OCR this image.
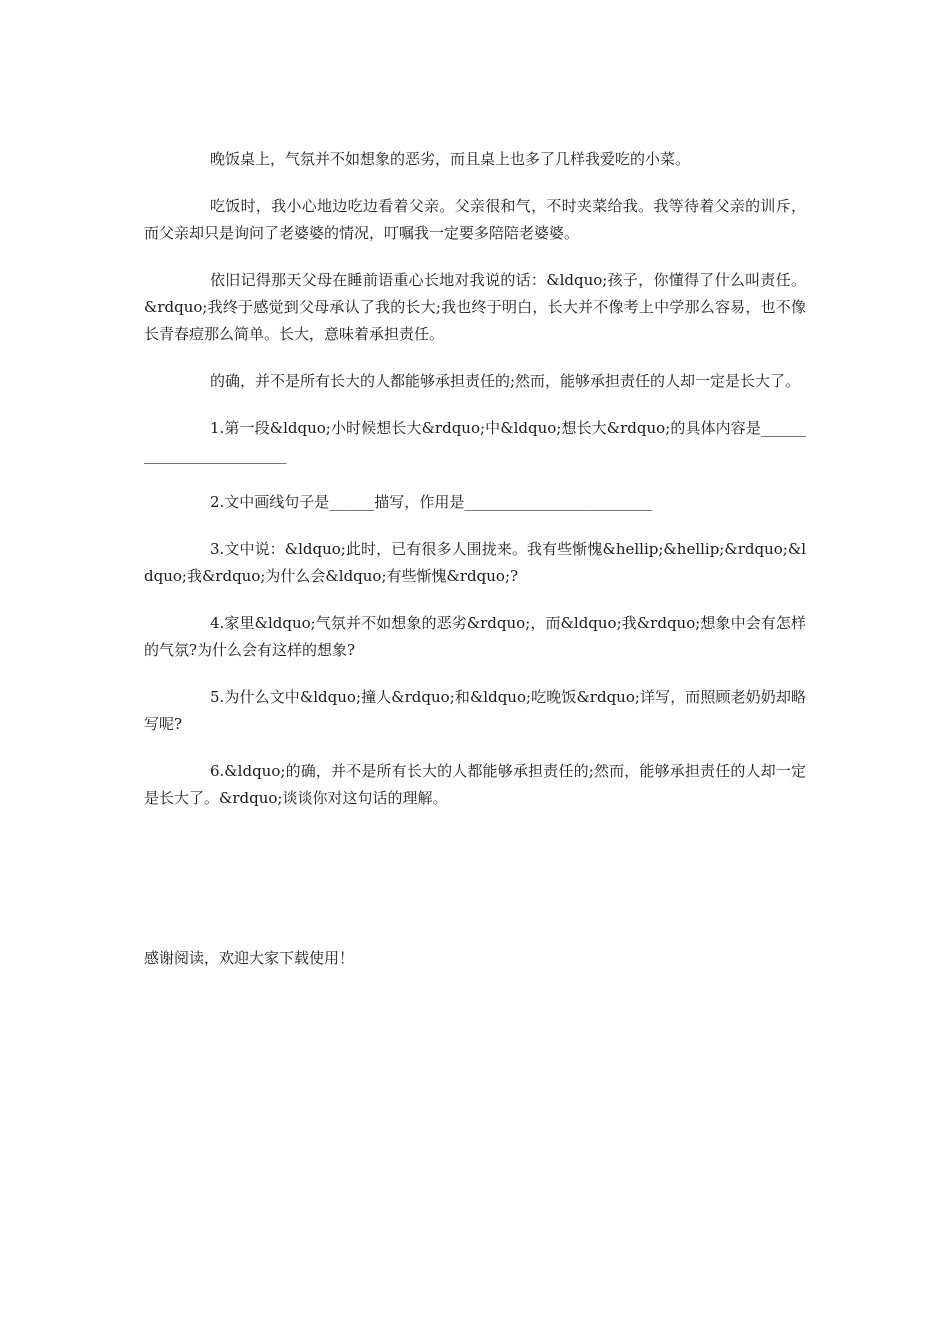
晚饭桌上，气氛并不如想象的恶劣，而且桌上也多了几样我爱吃的小菜。

吃饭时，我小心地边吃边看着父亲。父亲很和气，不时夹菜给我。我等待着父亲的训斥，而父亲却只是询问了老婆婆的情况，叮嘱我一定要多陪陪老婆婆。

依旧记得那天父母在睡前语重心长地对我说的话：&ldquo;孩子，你懂得了什么叫责任。&rdquo;我终于感觉到父母承认了我的长大;我也终于明白，长大并不像考上中学那么容易，也不像长青春痘那么简单。长大，意味着承担责任。

的确，并不是所有长大的人都能够承担责任的;然而，能够承担责任的人却一定是长大了。

1.第一段&ldquo;小时候想长大&rdquo;中&ldquo;想长大&rdquo;的具体内容是_________________________

2.文中画线句子是______描写，作用是_________________________

3.文中说：&ldquo;此时，已有很多人围拢来。我有些惭愧&hellip;&hellip;&rdquo;&ldquo;我&rdquo;为什么会&ldquo;有些惭愧&rdquo;?

4.家里&ldquo;气氛并不如想象的恶劣&rdquo;，而&ldquo;我&rdquo;想象中会有怎样的气氛?为什么会有这样的想象?

5.为什么文中&ldquo;撞人&rdquo;和&ldquo;吃晚饭&rdquo;详写，而照顾老奶奶却略写呢?

6.&ldquo;的确，并不是所有长大的人都能够承担责任的;然而，能够承担责任的人却一定是长大了。&rdquo;谈谈你对这句话的理解。

感谢阅读，欢迎大家下载使用！
